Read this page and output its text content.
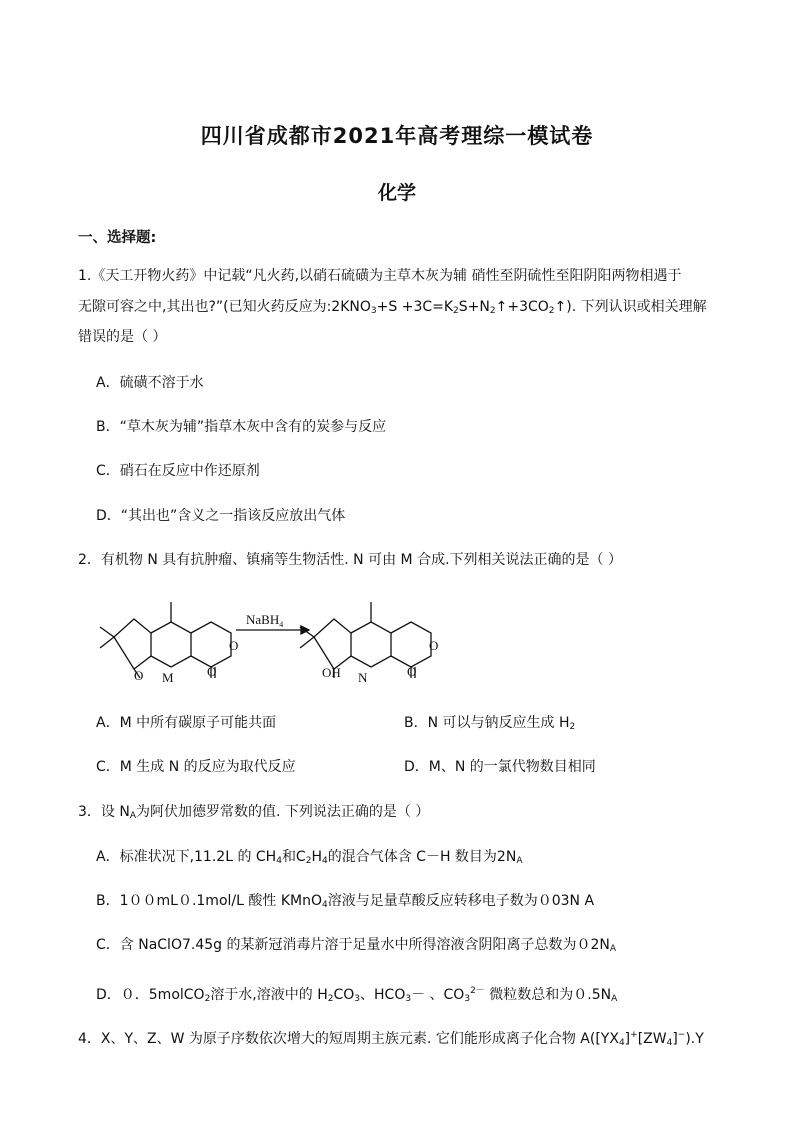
四川省成都市2021年高考理综一模试卷
化学
一、选择题:
1.《天工开物火药》中记载“凡火药,以硝石硫磺为主草木灰为辅 硝性至阴硫性至阳阴阳两物相遇于
无隙可容之中,其出也?”(已知火药反应为$:2KNO_3+S$ $+3C=K_2S+N_2↑+3CO_2↑$). 下列认识或相关理解
错误的是（ ）
A．硫磺不溶于水
B．“草木灰为辅”指草木灰中含有的炭参与反应
C．硝石在反应中作还原剂
D．“其出也”含义之一指该反应放出气体
2．有机物 N 具有抗肿瘤、镇痛等生物活性. N 可由 M 合成.下列相关说法正确的是（ ）
NaBH$_4$
O M	O	OH N	O
O	O
A．M 中所有碳原子可能共面	B．N 可以与钠反应生成 $H_2$
C．M 生成 N 的反应为取代反应	D．M、N 的一氯代物数目相同
3．设 $N_A$为阿伏加德罗常数的值. 下列说法正确的是（ ）
A．标准状况下,11.2L 的 $CH_4$和$C_2H_4$的混合气体含 C－H 数目为$2N_A$
B．1００mL０.1mol/L 酸性 KMnO$_4$溶液与足量草酸反应转移电子数为０03N A
C．含 NaClO7.45g 的某新冠消毒片溶于足量水中所得溶液含阴阳离子总数为$02N_A$
D．０．5molCO$_2$溶于水,溶液中的 $H_2CO_3$、$HCO_3-$ 、$CO_3^{2-}$ 微粒数总和为$0.5N_A$
4．X、Y、Z、W 为原子序数依次增大的短周期主族元素. 它们能形成离子化合物 $A([YX_4]^+[ZW_4]^-).Y$
